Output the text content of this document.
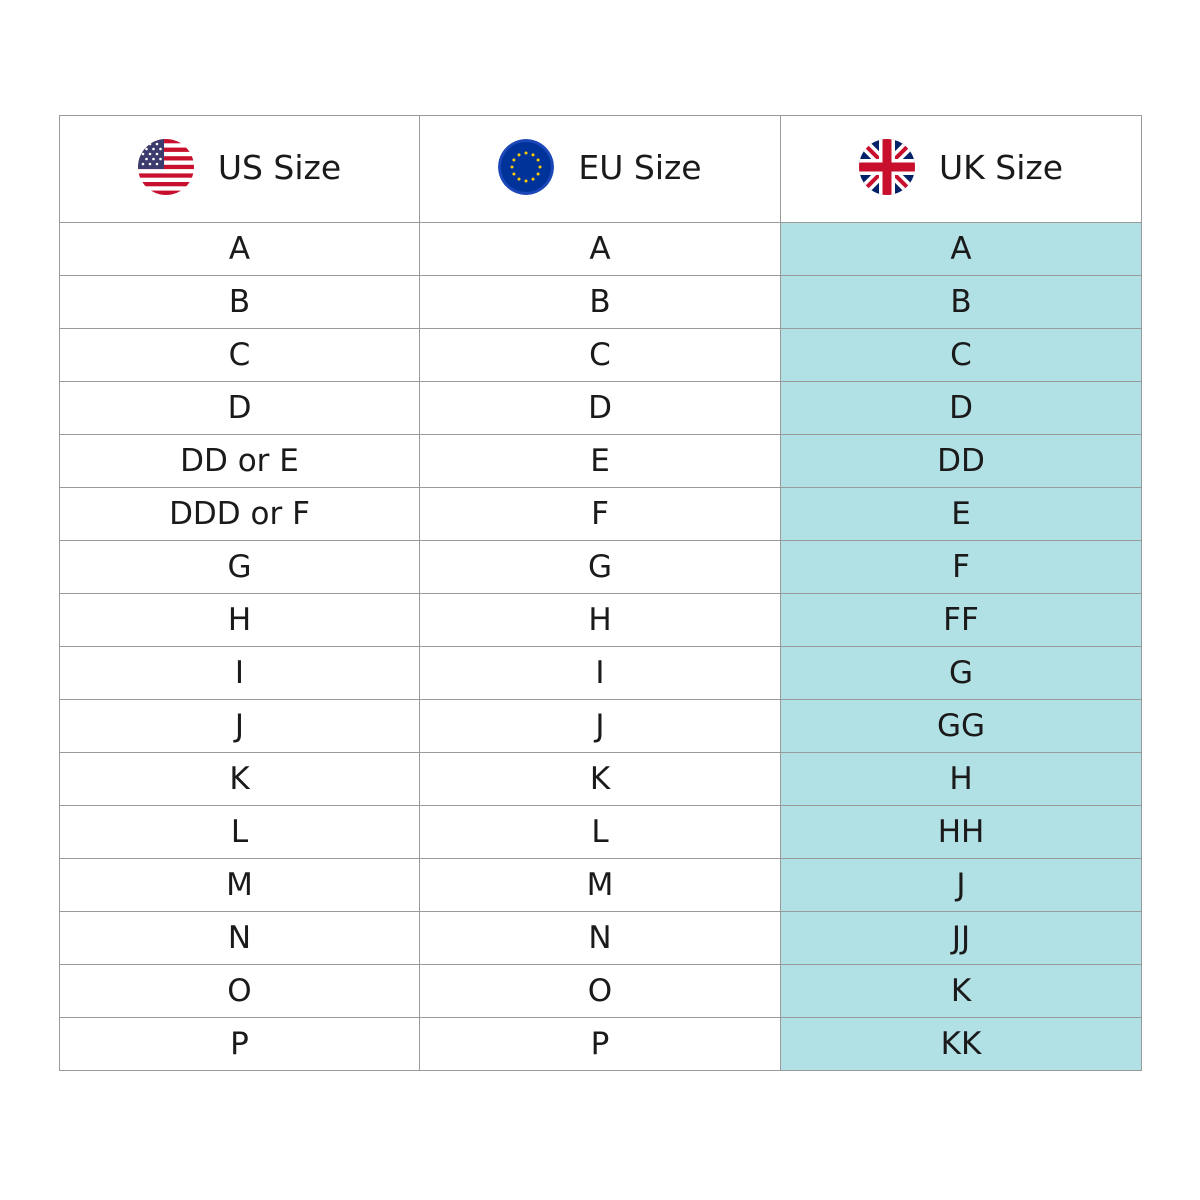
US Size	EU Size	UK Size

A	A	A
B	B	B
C	C	C
D	D	D
DD or E	E	DD
DDD or F	F	E
G	G	F
H	H	FF
I	I	G
J	J	GG
K	K	H
L	L	HH
M	M	J
N	N	JJ
O	O	K
P	P	KK
